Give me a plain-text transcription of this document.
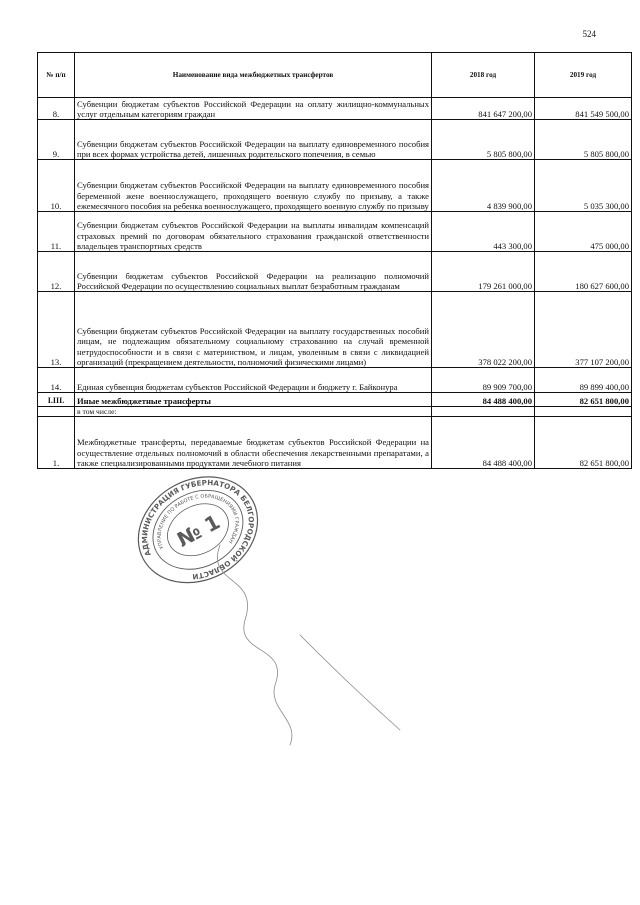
524
№ п/п	Наименование вида межбюджетных трансфертов	2018 год	2019 год
8.	Субвенции бюджетам субъектов Российской Федерации на оплату жилищно-коммунальных услуг отдельным категориям граждан	841 647 200,00	841 549 500,00
9.	Субвенции бюджетам субъектов Российской Федерации на выплату единовременного пособия при всех формах устройства детей, лишенных родительского попечения, в семью	5 805 800,00	5 805 800,00
10.	Субвенции бюджетам субъектов Российской Федерации на выплату единовременного пособия беременной жене военнослужащего, проходящего военную службу по призыву, а также ежемесячного пособия на ребенка военнослужащего, проходящего военную службу по призыву	4 839 900,00	5 035 300,00
11.	Субвенции бюджетам субъектов Российской Федерации на выплаты инвалидам компенсаций страховых премий по договорам обязательного страхования гражданской ответственности владельцев транспортных средств	443 300,00	475 000,00
12.	Субвенции бюджетам субъектов Российской Федерации на реализацию полномочий Российской Федерации по осуществлению социальных выплат безработным гражданам	179 261 000,00	180 627 600,00
13.	Субвенции бюджетам субъектов Российской Федерации на выплату государственных пособий лицам, не подлежащим обязательному социальному страхованию на случай временной нетрудоспособности и в связи с материнством, и лицам, уволенным в связи с ликвидацией организаций (прекращением деятельности, полномочий физическими лицами)	378 022 200,00	377 107 200,00
14.	Единая субвенция бюджетам субъектов Российской Федерации и бюджету г. Байконура	89 909 700,00	89 899 400,00
I.III.	Иные межбюджетные трансферты	84 488 400,00	82 651 800,00
	в том числе:		
1.	Межбюджетные трансферты, передаваемые бюджетам субъектов Российской Федерации на осуществление отдельных полномочий в области обеспечения лекарственными препаратами, а также специализированными продуктами лечебного питания	84 488 400,00	82 651 800,00
АДМИНИСТРАЦИЯ ГУБЕРНАТОРА БЕЛГОРОДСКОЙ ОБЛАСТИ
УПРАВЛЕНИЕ ПО РАБОТЕ С ОБРАЩЕНИЯМИ ГРАЖДАН
№ 1
